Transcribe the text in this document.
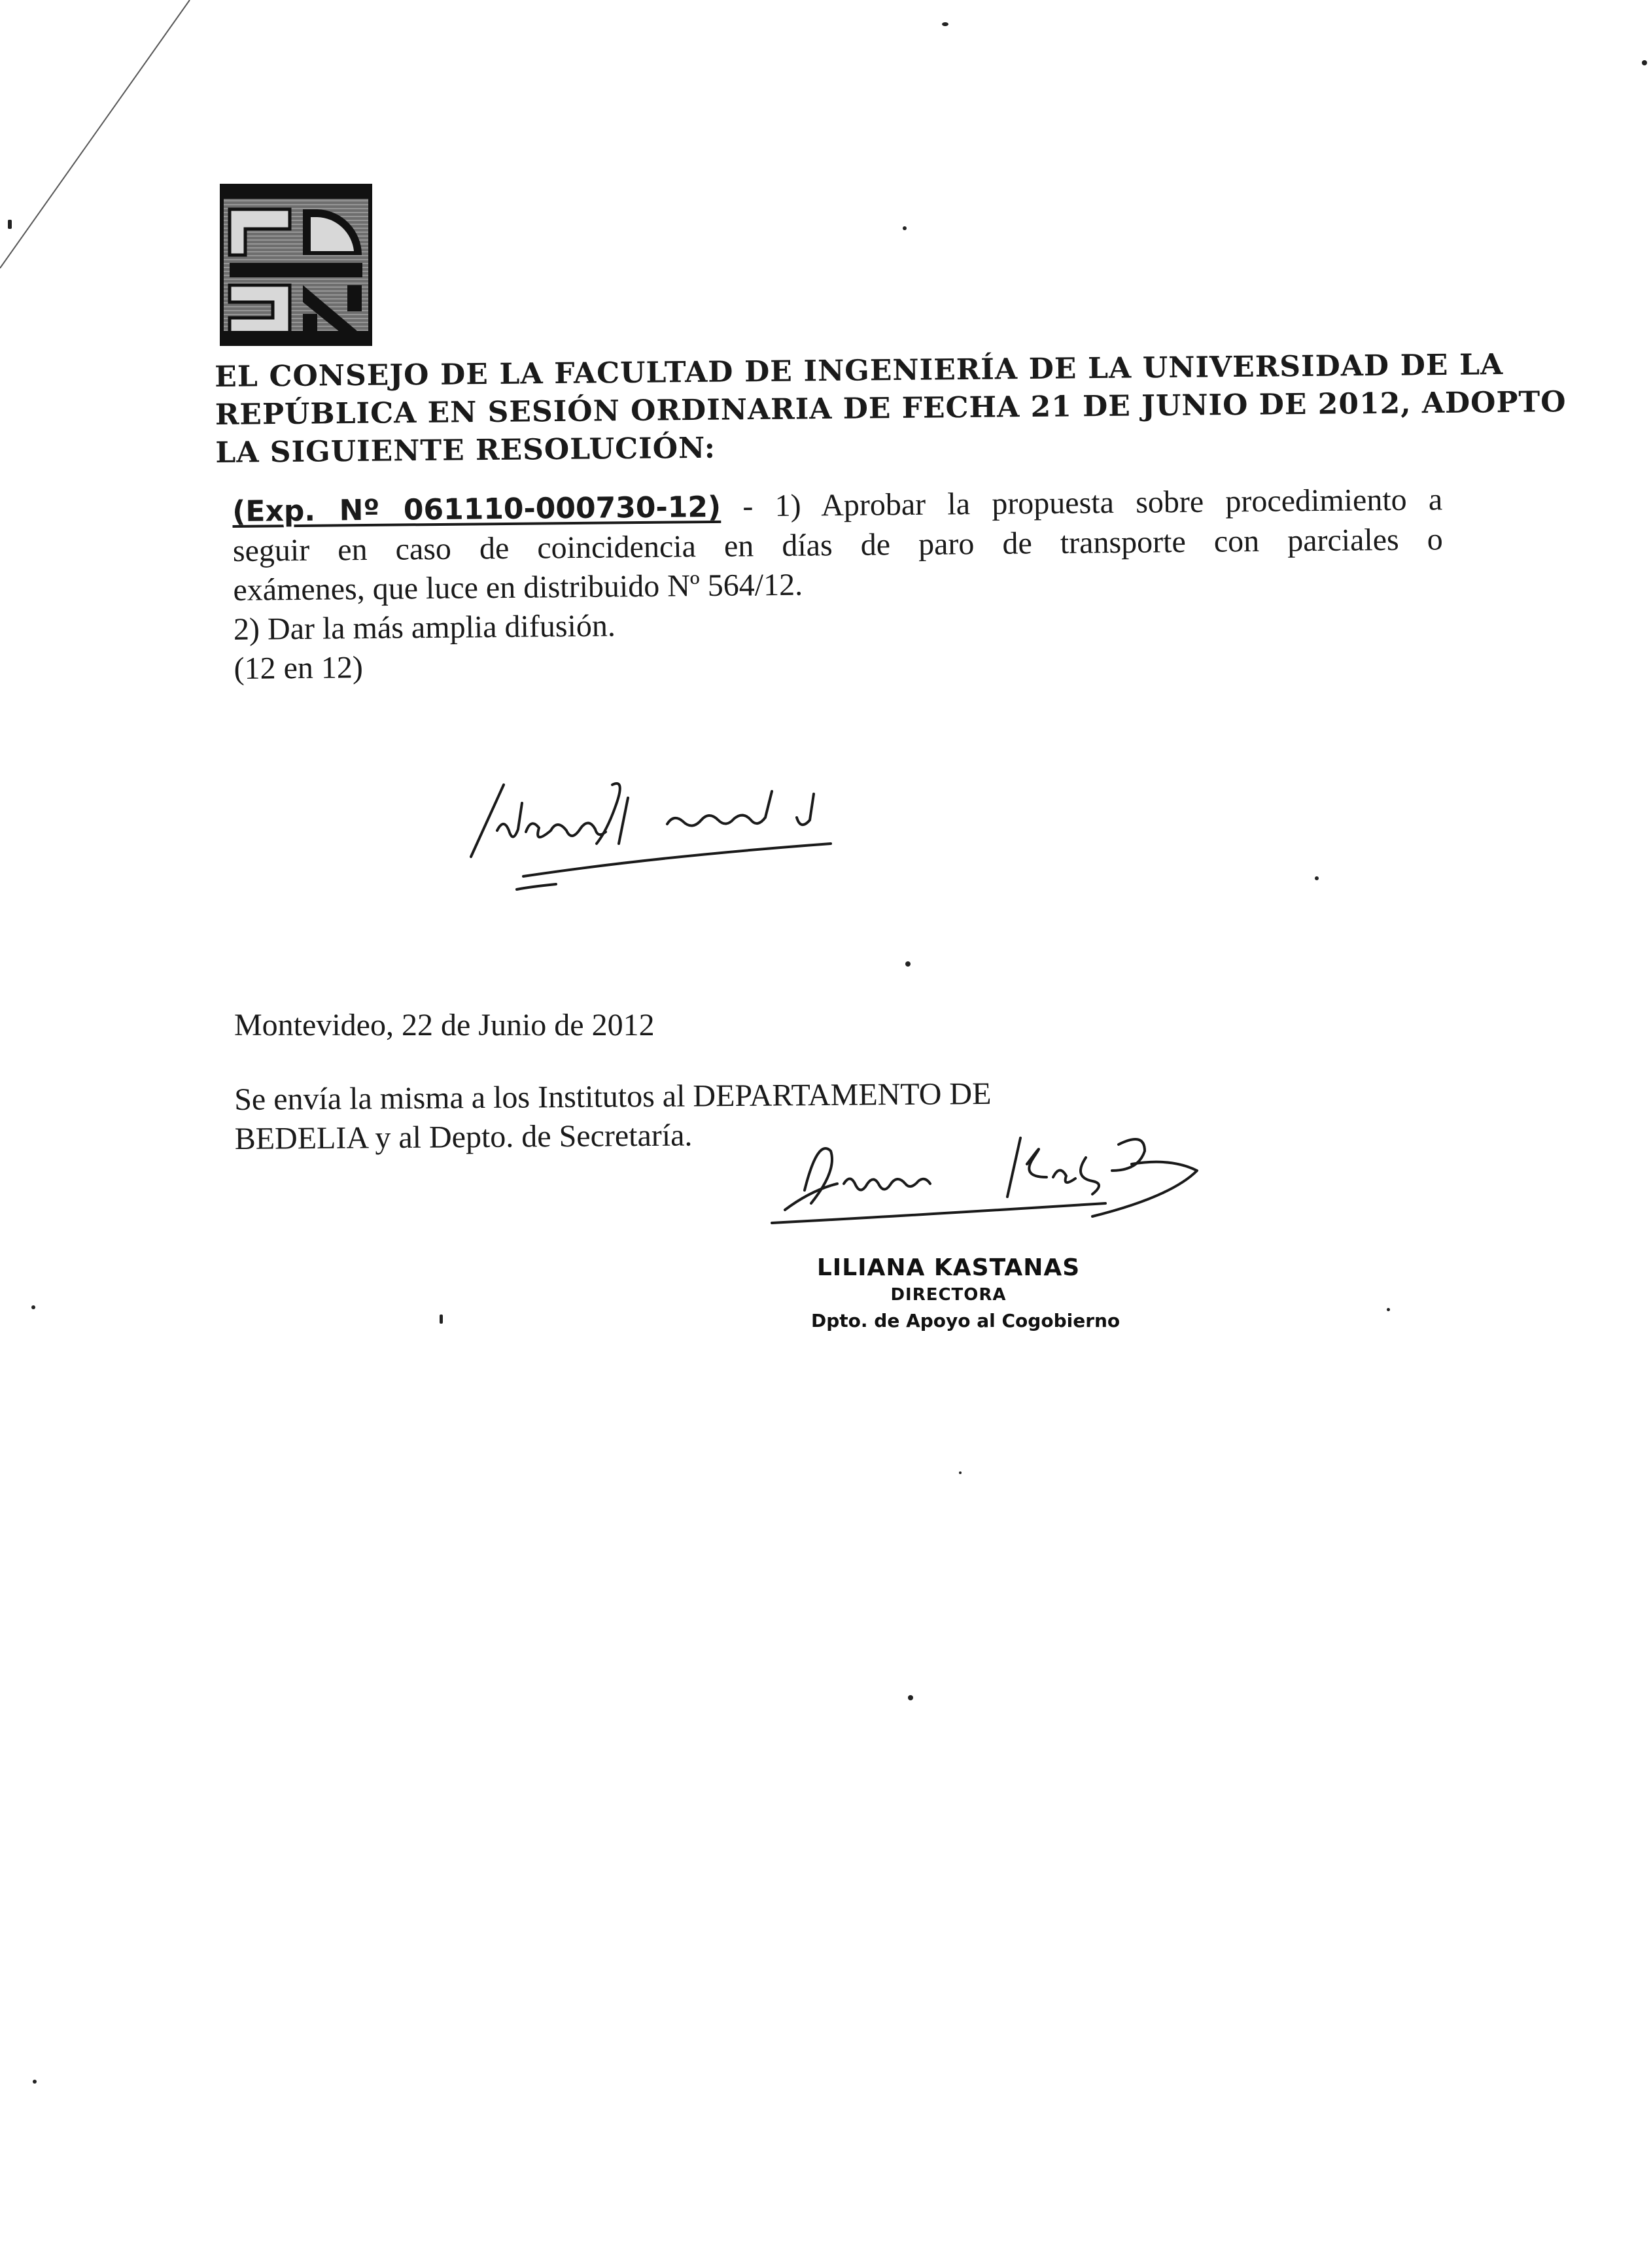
EL CONSEJO DE LA FACULTAD DE INGENIERÍA DE LA UNIVERSIDAD DE LA
REPÚBLICA EN SESIÓN ORDINARIA DE FECHA 21 DE JUNIO DE 2012, ADOPTO
LA SIGUIENTE RESOLUCIÓN:
(Exp. Nº 061110-000730-12) - 1) Aprobar la propuesta sobre procedimiento a
seguir en caso de coincidencia en días de paro de transporte con parciales o
exámenes, que luce en distribuido Nº 564/12.
2) Dar la más amplia difusión.
(12 en 12)
Montevideo, 22 de Junio de 2012
Se envía la misma a los Institutos al DEPARTAMENTO DE
BEDELIA y al Depto. de Secretaría.
LILIANA KASTANAS
DIRECTORA
Dpto. de Apoyo al Cogobierno
